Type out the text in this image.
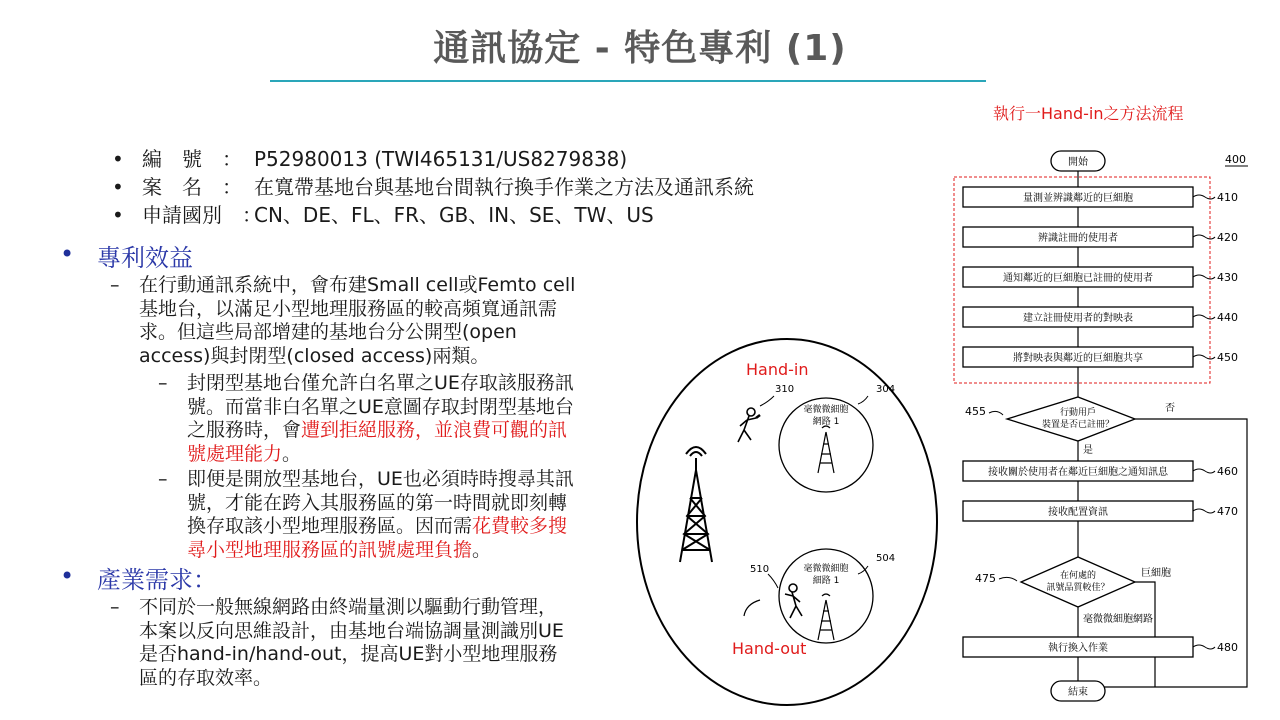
通訊協定 - 特色專利 (1)
• 編　號　： P52980013 (TWI465131/US8279838)
• 案　名　： 在寬帶基地台與基地台間執行換手作業之方法及通訊系統
• 申請國別　：CN、DE、FL、FR、GB、IN、SE、TW、US
• 專利效益
– 在行動通訊系統中，會布建Small cell或Femto cell
基地台，以滿足小型地理服務區的較高頻寬通訊需
求。但這些局部增建的基地台分公開型(open
access)與封閉型(closed access)兩類。
– 封閉型基地台僅允許白名單之UE存取該服務訊
號。而當非白名單之UE意圖存取封閉型基地台
之服務時，會遭到拒絕服務，並浪費可觀的訊
號處理能力。
– 即便是開放型基地台，UE也必須時時搜尋其訊
號，才能在跨入其服務區的第一時間就即刻轉
換存取該小型地理服務區。因而需花費較多搜
尋小型地理服務區的訊號處理負擔。
• 產業需求：
– 不同於一般無線網路由終端量測以驅動行動管理，
本案以反向思維設計，由基地台端協調量測識別UE
是否hand-in/hand-out，提高UE對小型地理服務
區的存取效率。
Hand-in
Hand-out
毫微微細胞
網路 1
310	304
毫微微細胞
細路 1
510
504
執行一Hand-in之方法流程
400
開始
量測並辨識鄰近的巨細胞	410
辨識註冊的使用者	420
通知鄰近的巨細胞已註冊的使用者	430
建立註冊使用者的對映表	440
將對映表與鄰近的巨細胞共享	450
行動用戶
裝置是否已註冊？
455	否
是
接收關於使用者在鄰近巨細胞之通知訊息	460
接收配置資訊	470
在何處的
訊號品質較佳？
475	巨細胞
毫微微細胞網路
執行換入作業	480
結束
